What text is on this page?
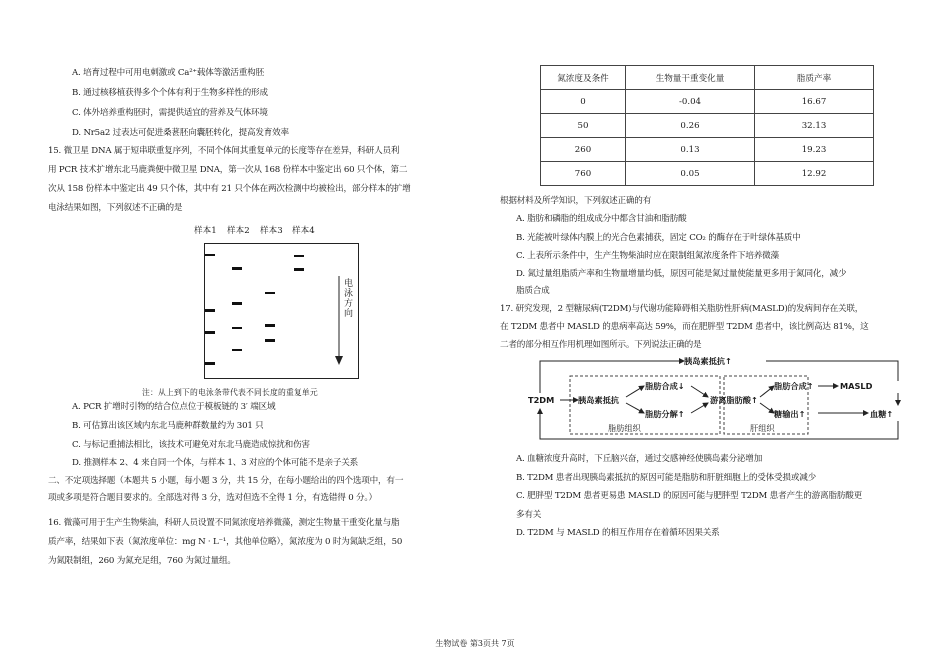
A. 培育过程中可用电刺激或 Ca²⁺载体等激活重构胚
B. 通过核移植获得多个个体有利于生物多样性的形成
C. 体外培养重构胚时，需提供适宜的营养及气体环境
D. Nr5a2 过表达可促进桑葚胚向囊胚转化，提高发育效率
15. 微卫星 DNA 属于短串联重复序列，不同个体间其重复单元的长度等存在差异，科研人员利
用 PCR 技术扩增东北马鹿粪便中微卫星 DNA，第一次从 168 份样本中鉴定出 60 只个体，第二
次从 158 份样本中鉴定出 49 只个体，其中有 21 只个体在两次检测中均被检出，部分样本的扩增
电泳结果如图，下列叙述不正确的是
样本1 样本2 样本3 样本4
电泳方向
注：从上到下的电泳条带代表不同长度的重复单元
A. PCR 扩增时引物的结合位点位于模板链的 3′ 端区域
B. 可估算出该区域内东北马鹿种群数量约为 301 只
C. 与标记重捕法相比，该技术可避免对东北马鹿造成惊扰和伤害
D. 推测样本 2、4 来自同一个体，与样本 1、3 对应的个体可能不是亲子关系
二、不定项选择题（本题共 5 小题，每小题 3 分，共 15 分，在每小题给出的四个选项中，有一
项或多项是符合题目要求的。全部选对得 3 分，选对但选不全得 1 分，有选错得 0 分。）
16. 微藻可用于生产生物柴油，科研人员设置不同氮浓度培养微藻，测定生物量干重变化量与脂
质产率，结果如下表（氮浓度单位：mg N · L⁻¹，其他单位略），氮浓度为 0 时为氮缺乏组，50
为氮限制组，260 为氮充足组，760 为氮过量组。
氮浓度及条件	生物量干重变化量	脂质产率
0	-0.04	16.67
50	0.26	32.13
260	0.13	19.23
760	0.05	12.92
根据材料及所学知识，下列叙述正确的有
A. 脂肪和磷脂的组成成分中都含甘油和脂肪酸
B. 光能被叶绿体内膜上的光合色素捕获，固定 CO₂ 的酶存在于叶绿体基质中
C. 上表所示条件中，生产生物柴油时应在限制组氮浓度条件下培养微藻
D. 氮过量组脂质产率和生物量增量均低，原因可能是氮过量使能量更多用于氮同化，减少
脂质合成
17. 研究发现，2 型糖尿病(T2DM)与代谢功能障碍相关脂肪性肝病(MASLD)的发病间存在关联，
在 T2DM 患者中 MASLD 的患病率高达 59%，而在肥胖型 T2DM 患者中，该比例高达 81%，这
二者的部分相互作用机理如图所示。下列说法正确的是
A. 血糖浓度升高时，下丘脑兴奋，通过交感神经使胰岛素分泌增加
B. T2DM 患者出现胰岛素抵抗的原因可能是脂肪和肝脏细胞上的受体受损或减少
C. 肥胖型 T2DM 患者更易患 MASLD 的原因可能与肥胖型 T2DM 患者产生的游离脂肪酸更
多有关
D. T2DM 与 MASLD 的相互作用存在着循环因果关系
胰岛素抵抗↑
T2DM	胰岛素抵抗
脂肪合成↓
脂肪分解↑
游离脂肪酸↑
脂肪合成↑
糖输出↑
MASLD
血糖↑
脂肪组织	肝组织
生物试卷 第3页共 7页
